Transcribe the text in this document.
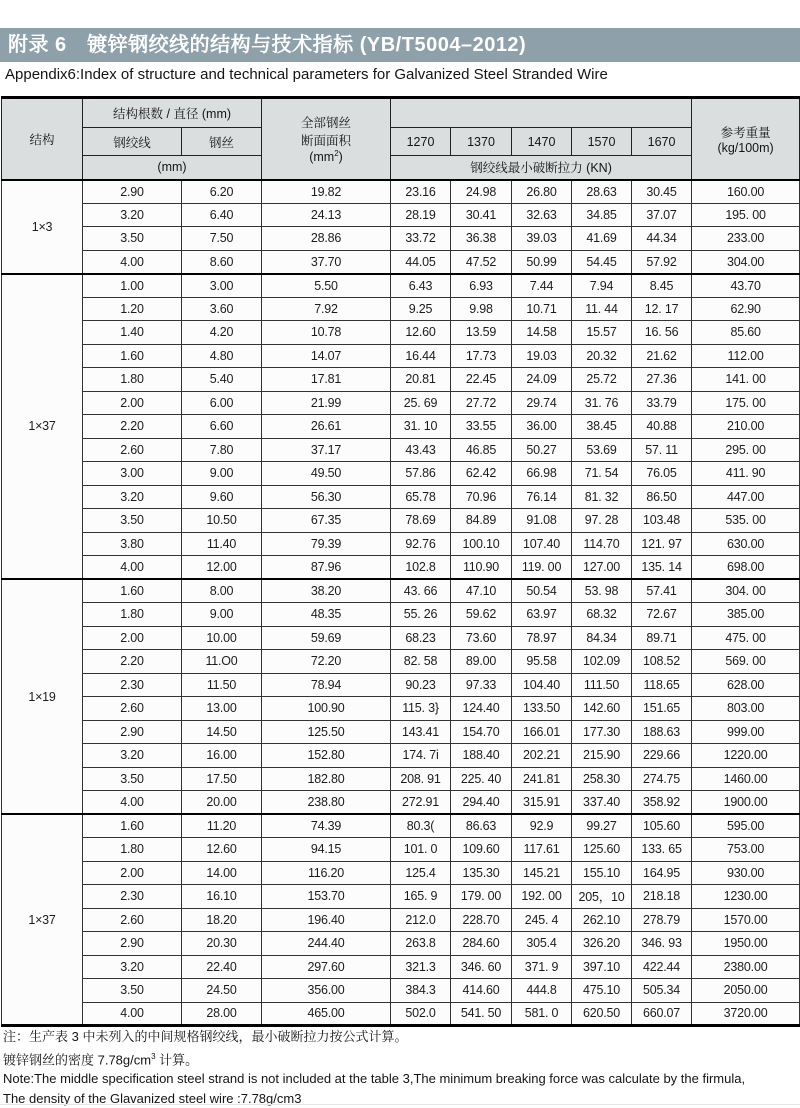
附录 6　镀锌钢绞线的结构与技术指标 (YB/T5004–2012)
Appendix6:Index of structure and technical parameters for Galvanized Steel Stranded Wire
结构	结构根数 / 直径 (mm)		全部钢丝
断面面积
$(mm^2)$						参考重量
(kg/100m)
	钢绞线	钢丝		1270	1370	1470	1570	1670	
	(mm)			钢绞线最小破断拉力 (KN)					
1×3	2.90	6.20	19.82	23.16	24.98	26.80	28.63	30.45	160.00
	3.20	6.40	24.13	28.19	30.41	32.63	34.85	37.07	195. 00
	3.50	7.50	28.86	33.72	36.38	39.03	41.69	44.34	233.00
	4.00	8.60	37.70	44.05	47.52	50.99	54.45	57.92	304.00
1×37	1.00	3.00	5.50	6.43	6.93	7.44	7.94	8.45	43.70
	1.20	3.60	7.92	9.25	9.98	10.71	11. 44	12. 17	62.90
	1.40	4.20	10.78	12.60	13.59	14.58	15.57	16. 56	85.60
	1.60	4.80	14.07	16.44	17.73	19.03	20.32	21.62	112.00
	1.80	5.40	17.81	20.81	22.45	24.09	25.72	27.36	141. 00
	2.00	6.00	21.99	25. 69	27.72	29.74	31. 76	33.79	175. 00
	2.20	6.60	26.61	31. 10	33.55	36.00	38.45	40.88	210.00
	2.60	7.80	37.17	43.43	46.85	50.27	53.69	57. 11	295. 00
	3.00	9.00	49.50	57.86	62.42	66.98	71. 54	76.05	411. 90
	3.20	9.60	56.30	65.78	70.96	76.14	81. 32	86.50	447.00
	3.50	10.50	67.35	78.69	84.89	91.08	97. 28	103.48	535. 00
	3.80	11.40	79.39	92.76	100.10	107.40	114.70	121. 97	630.00
	4.00	12.00	87.96	102.8	110.90	119. 00	127.00	135. 14	698.00
1×19	1.60	8.00	38.20	43. 66	47.10	50.54	53. 98	57.41	304. 00
	1.80	9.00	48.35	55. 26	59.62	63.97	68.32	72.67	385.00
	2.00	10.00	59.69	68.23	73.60	78.97	84.34	89.71	475. 00
	2.20	11.O0	72.20	82. 58	89.00	95.58	102.09	108.52	569. 00
	2.30	11.50	78.94	90.23	97.33	104.40	111.50	118.65	628.00
	2.60	13.00	100.90	115. 3}	124.40	133.50	142.60	151.65	803.00
	2.90	14.50	125.50	143.41	154.70	166.01	177.30	188.63	999.00
	3.20	16.00	152.80	174. 7i	188.40	202.21	215.90	229.66	1220.00
	3.50	17.50	182.80	208. 91	225. 40	241.81	258.30	274.75	1460.00
	4.00	20.00	238.80	272.91	294.40	315.91	337.40	358.92	1900.00
1×37	1.60	11.20	74.39	80.3(	86.63	92.9	99.27	105.60	595.00
	1.80	12.60	94.15	101. 0	109.60	117.61	125.60	133. 65	753.00
	2.00	14.00	116.20	125.4	135.30	145.21	155.10	164.95	930.00
	2.30	16.10	153.70	165. 9	179. 00	192. 00	205，10	218.18	1230.00
	2.60	18.20	196.40	212.0	228.70	245. 4	262.10	278.79	1570.00
	2.90	20.30	244.40	263.8	284.60	305.4	326.20	346. 93	1950.00
	3.20	22.40	297.60	321.3	346. 60	371. 9	397.10	422.44	2380.00
	3.50	24.50	356.00	384.3	414.60	444.8	475.10	505.34	2050.00
	4.00	28.00	465.00	502.0	541. 50	581. 0	620.50	660.07	3720.00
注：生产表 3 中未列入的中间规格钢绞线，最小破断拉力按公式计算。
镀锌钢丝的密度 $7.78g/cm^3$ 计算。
Note:The middle specification steel strand is not included at the table 3,The minimum breaking force was calculate by the firmula,
The density of the Glavanized steel wire :7.78g/cm3
